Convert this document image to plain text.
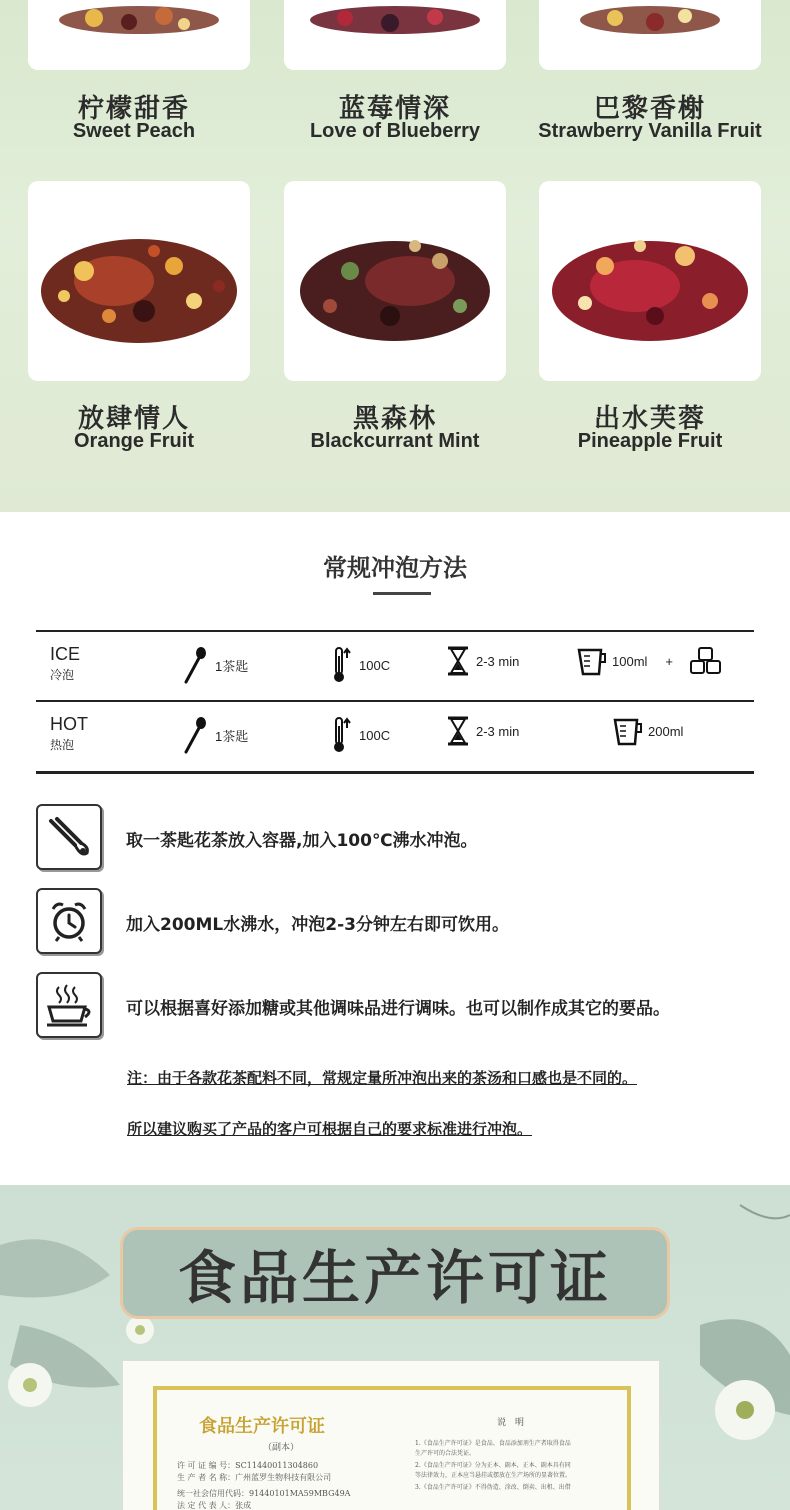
柠檬甜香
Sweet Peach
蓝莓情深
Love of Blueberry
巴黎香榭
Strawberry Vanilla Fruit
放肆情人
Orange Fruit
黑森林
Blackcurrant Mint
出水芙蓉
Pineapple Fruit
常规冲泡方法
ICE
冷泡
1茶匙	100C	2-3 min	100ml +
HOT
热泡
1茶匙	100C	2-3 min	200ml
取一茶匙花茶放入容器,加入100℃沸水冲泡。
加入200ML水沸水，冲泡2-3分钟左右即可饮用。
可以根据喜好添加糖或其他调味品进行调味。也可以制作成其它的要品。
注：由于各款花茶配料不同，常规定量所冲泡出来的茶汤和口感也是不同的。
所以建议购买了产品的客户可根据自己的要求标准进行冲泡。
食品生产许可证
食品生产许可证
（副本）
许 可 证 编 号：SC11440011304860
生 产 者 名 称：广州蓝罗生物科技有限公司
统一社会信用代码：91440101MA59MBG49A
法 定 代 表 人：张成
说　明
1.《食品生产许可证》是食品、食品添加剂生产者取得食品
生产许可的合法凭证。
2.《食品生产许可证》分为正本、副本，正本、副本具有同
等法律效力，正本应当悬挂或摆放在生产场所的显著位置。
3.《食品生产许可证》不得伪造、涂改、倒卖、出租、出借
